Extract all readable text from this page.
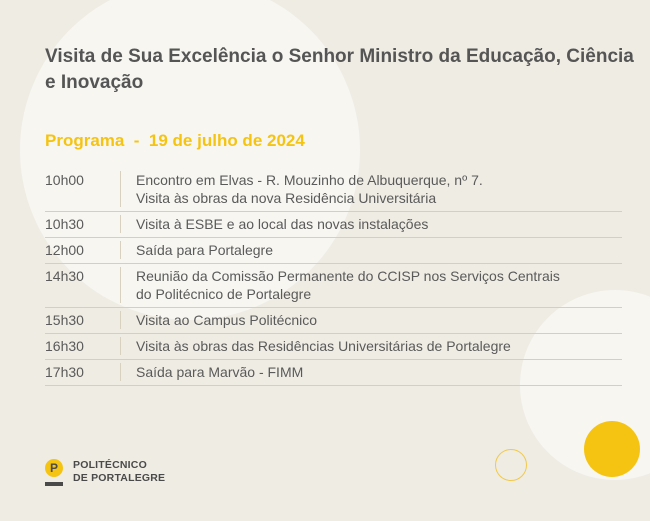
Visita de Sua Excelência o Senhor Ministro da Educação, Ciência e Inovação
Programa  -  19 de julho de 2024
10h00	Encontro em Elvas - R. Mouzinho de Albuquerque, nº 7.
Visita às obras da nova Residência Universitária
10h30	Visita à ESBE e ao local das novas instalações
12h00	Saída para Portalegre
14h30	Reunião da Comissão Permanente do CCISP nos Serviços Centrais
do Politécnico de Portalegre
15h30	Visita ao Campus Politécnico
16h30	Visita às obras das Residências Universitárias de Portalegre
17h30	Saída para Marvão - FIMM
P	POLITÉCNICO
DE PORTALEGRE
